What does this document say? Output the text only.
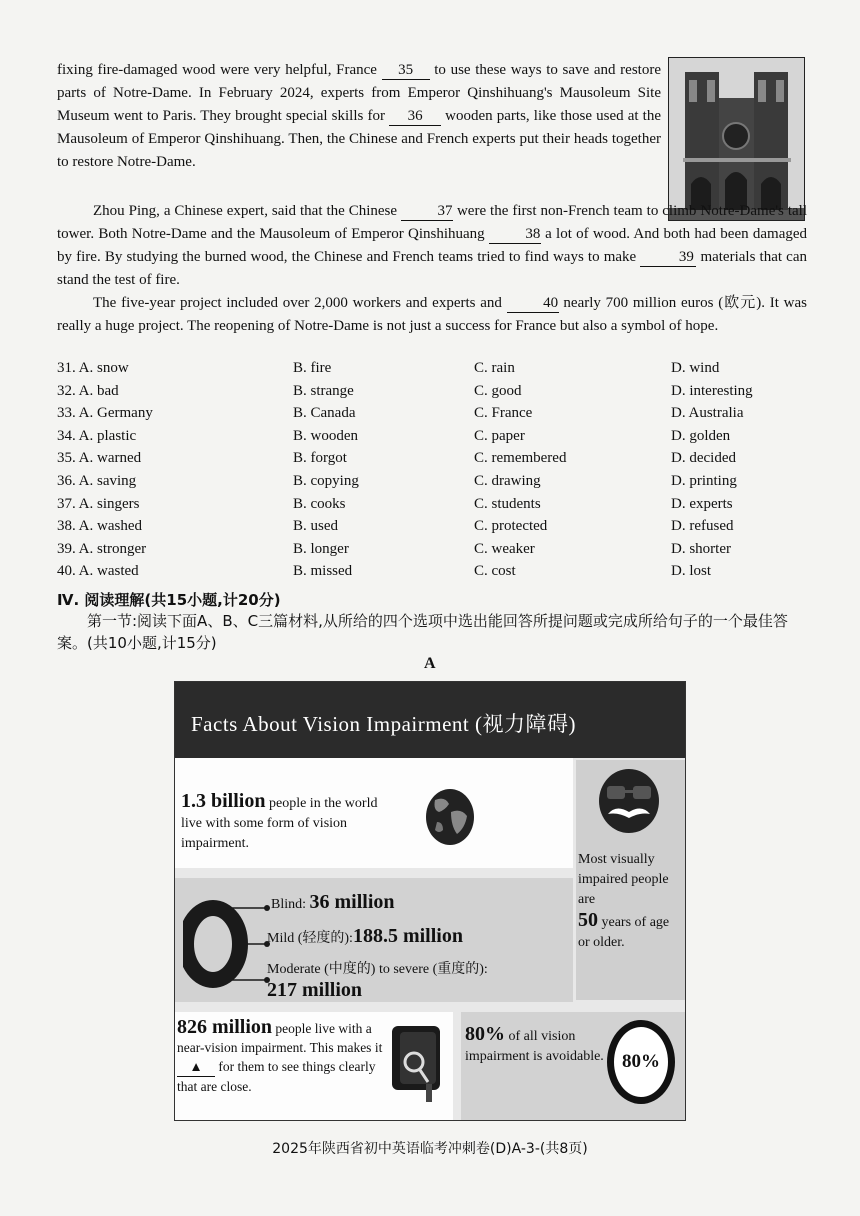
fixing fire-damaged wood were very helpful, France 35 to use these ways to save and restore parts of Notre-Dame. In February 2024, experts from Emperor Qinshihuang's Mausoleum Site Museum went to Paris. They brought special skills for 36 wooden parts, like those used at the Mausoleum of Emperor Qinshihuang. Then, the Chinese and French experts put their heads together to restore Notre-Dame.

Zhou Ping, a Chinese expert, said that the Chinese 37 were the first non-French team to climb Notre-Dame's tall tower. Both Notre-Dame and the Mausoleum of Emperor Qinshihuang 38 a lot of wood. And both had been damaged by fire. By studying the burned wood, the Chinese and French teams tried to find ways to make	39 materials that can stand the test of fire.

The five-year project included over 2,000 workers and experts and 40 nearly 700 million euros (欧元). It was really a huge project. The reopening of Notre-Dame is not just a success for France but also a symbol of hope.

31. A. snow	B. fire	C. rain	D. wind
32. A. bad	B. strange	C. good	D. interesting
33. A. Germany	B. Canada	C. France	D. Australia
34. A. plastic	B. wooden	C. paper	D. golden
35. A. warned	B. forgot	C. remembered	D. decided
36. A. saving	B. copying	C. drawing	D. printing
37. A. singers	B. cooks	C. students	D. experts
38. A. washed	B. used	C. protected	D. refused
39. A. stronger	B. longer	C. weaker	D. shorter
40. A. wasted	B. missed	C. cost	D. lost
Ⅳ. 阅读理解(共15小题,计20分)
第一节:阅读下面A、B、C三篇材料,从所给的四个选项中选出能回答所提问题或完成所给句子的一个最佳答案。(共10小题,计15分)
A
Facts About Vision Impairment (视力障碍)
1.3 billion people in the world live with some form of vision impairment.
Most visually impaired people are
50 years of age or older.
Blind: 36 million
Mild (轻度的):188.5 million
Moderate (中度的) to severe (重度的):
217 million
826 million people live with a near-vision impairment. This makes it ▲ for them to see things clearly that are close.
80% of all vision impairment is avoidable. 80%
2025年陕西省初中英语临考冲刺卷(D)A-3-(共8页)
